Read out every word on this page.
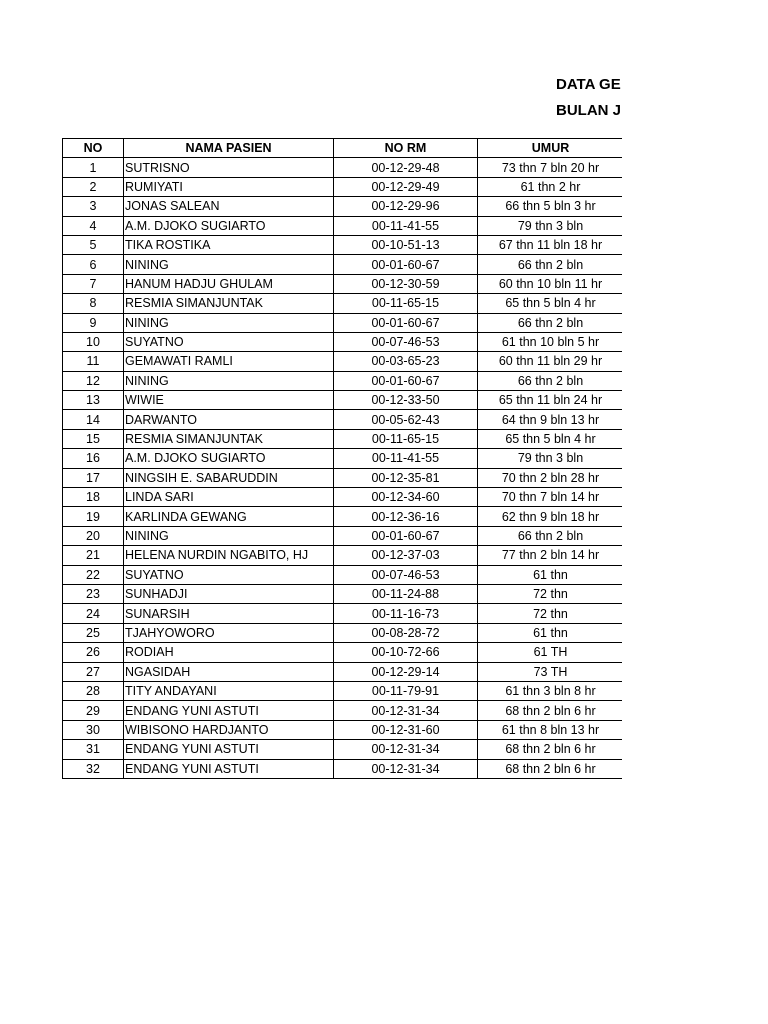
DATA GE
BULAN J
NO	NAMA PASIEN	NO RM	UMUR
1	SUTRISNO	00-12-29-48	73 thn 7 bln 20 hr
2	RUMIYATI	00-12-29-49	61 thn 2 hr
3	JONAS SALEAN	00-12-29-96	66 thn 5 bln 3 hr
4	A.M. DJOKO SUGIARTO	00-11-41-55	79 thn 3 bln
5	TIKA ROSTIKA	00-10-51-13	67 thn 11 bln 18 hr
6	NINING	00-01-60-67	66 thn 2 bln
7	HANUM HADJU GHULAM	00-12-30-59	60 thn 10 bln 11 hr
8	RESMIA SIMANJUNTAK	00-11-65-15	65 thn 5 bln 4 hr
9	NINING	00-01-60-67	66 thn 2 bln
10	SUYATNO	00-07-46-53	61 thn 10 bln 5 hr
11	GEMAWATI RAMLI	00-03-65-23	60 thn 11 bln 29 hr
12	NINING	00-01-60-67	66 thn 2 bln
13	WIWIE	00-12-33-50	65 thn 11 bln 24 hr
14	DARWANTO	00-05-62-43	64 thn 9 bln 13 hr
15	RESMIA SIMANJUNTAK	00-11-65-15	65 thn 5 bln 4 hr
16	A.M. DJOKO SUGIARTO	00-11-41-55	79 thn 3 bln
17	NINGSIH E. SABARUDDIN	00-12-35-81	70 thn 2 bln 28 hr
18	LINDA SARI	00-12-34-60	70 thn 7 bln 14 hr
19	KARLINDA GEWANG	00-12-36-16	62 thn 9 bln 18 hr
20	NINING	00-01-60-67	66 thn 2 bln
21	HELENA NURDIN NGABITO, HJ	00-12-37-03	77 thn 2 bln 14 hr
22	SUYATNO	00-07-46-53	61 thn
23	SUNHADJI	00-11-24-88	72 thn
24	SUNARSIH	00-11-16-73	72 thn
25	TJAHYOWORO	00-08-28-72	61 thn
26	RODIAH	00-10-72-66	61 TH
27	NGASIDAH	00-12-29-14	73 TH
28	TITY ANDAYANI	00-11-79-91	61 thn 3 bln 8 hr
29	ENDANG YUNI ASTUTI	00-12-31-34	68 thn 2 bln 6 hr
30	WIBISONO HARDJANTO	00-12-31-60	61 thn 8 bln 13 hr
31	ENDANG YUNI ASTUTI	00-12-31-34	68 thn 2 bln 6 hr
32	ENDANG YUNI ASTUTI	00-12-31-34	68 thn 2 bln 6 hr
